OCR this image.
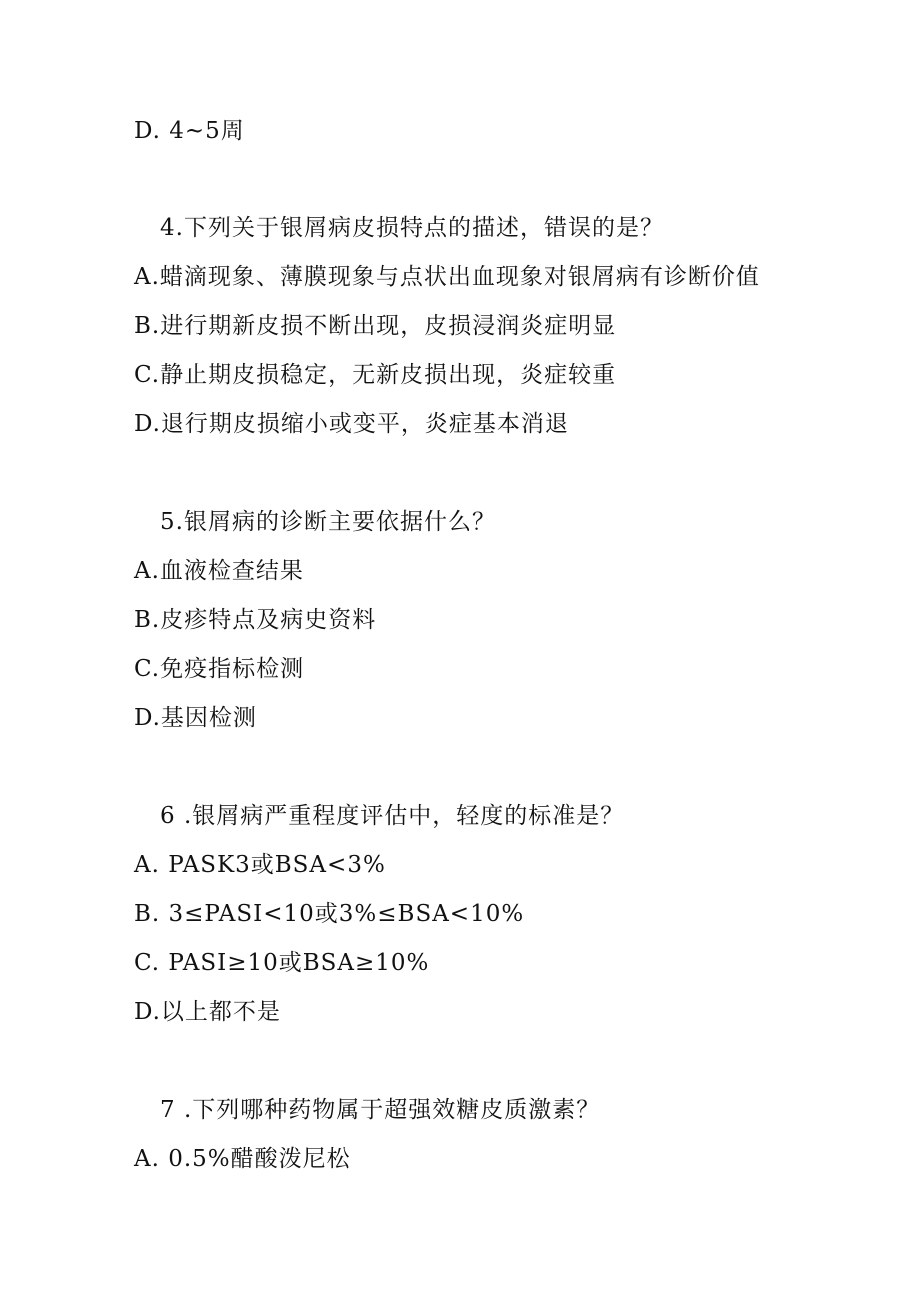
D. 4~5周
4.下列关于银屑病皮损特点的描述，错误的是？
A.蜡滴现象、薄膜现象与点状出血现象对银屑病有诊断价值
B.进行期新皮损不断出现，皮损浸润炎症明显
C.静止期皮损稳定，无新皮损出现，炎症较重
D.退行期皮损缩小或变平，炎症基本消退
5.银屑病的诊断主要依据什么？
A.血液检查结果
B.皮疹特点及病史资料
C.免疫指标检测
D.基因检测
6 .银屑病严重程度评估中，轻度的标准是？
A. PASK3或BSA<3%
B. 3≤PASI<10或3%≤BSA<10%
C. PASI≥10或BSA≥10%
D.以上都不是
7 .下列哪种药物属于超强效糖皮质激素？
A. 0.5%醋酸泼尼松
